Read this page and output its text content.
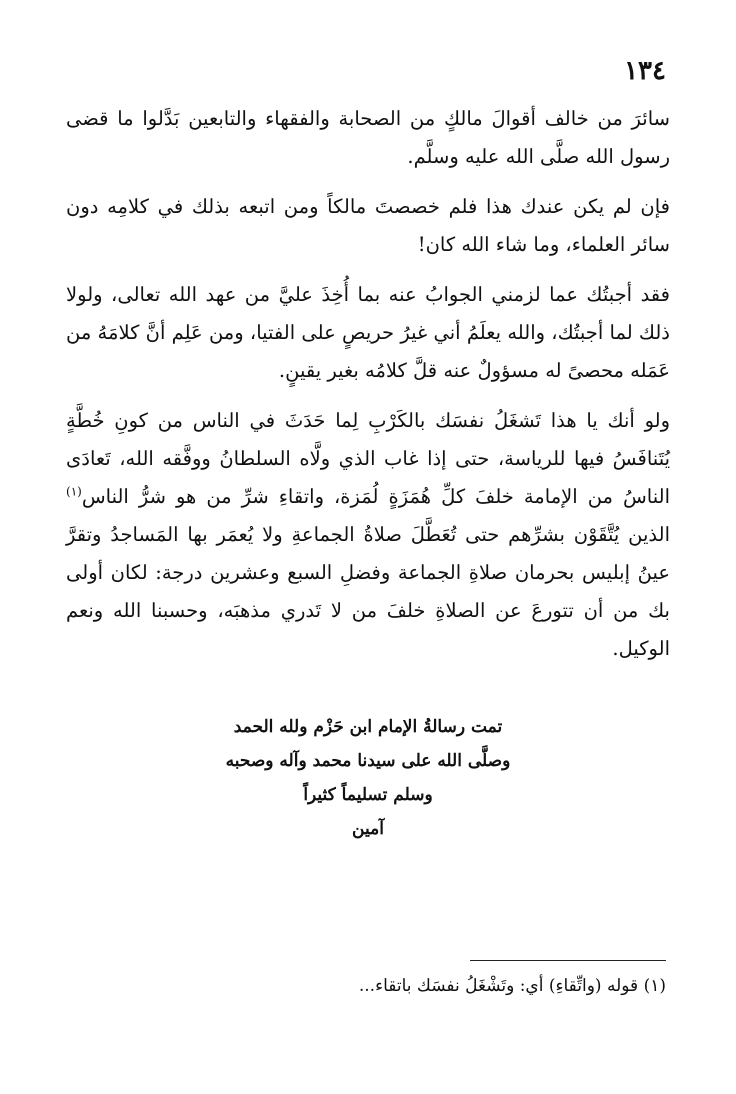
١٣٤

سائرَ من خالف أقوالَ مالكٍ من الصحابة والفقهاء والتابعين بَدَّلوا ما قضى رسول الله صلَّى الله عليه وسلَّم.

فإن لم يكن عندك هذا فلم خصصتَ مالكاً ومن اتبعه بذلك في كلامِه دون سائر العلماء، وما شاء الله كان!

فقد أجبتُك عما لزمني الجوابُ عنه بما أُخِذَ عليَّ من عهد الله تعالى، ولولا ذلك لما أجبتُك، والله يعلَمُ أني غيرُ حريصٍ على الفتيا، ومن عَلِم أنَّ كلامَهُ من عَمَله محصىً له مسؤولٌ عنه قلَّ كلامُه بغير يقينٍ.

ولو أنك يا هذا تَشغَلُ نفسَك بالكَرْبِ لِما حَدَثَ في الناس من كونِ خُطَّةٍ يُتَنافَسُ فيها للرياسة، حتى إذا غاب الذي ولَّاه السلطانُ ووفَّقه الله، تَعادَى الناسُ من الإمامة خلفَ كلِّ هُمَزَةٍ لُمَزة، واتقاءِ شرِّ من هو شرُّ الناس$^{(١)}$ الذين يُتَّقَوْن بشرِّهم حتى تُعَطَّلَ صلاةُ الجماعةِ ولا يُعمَر بها المَساجدُ وتقرَّ عينُ إبليس بحرمان صلاةِ الجماعة وفضلِ السبع وعشرين درجة: لكان أولى بك من أن تتورعَ عن الصلاةِ خلفَ من لا تَدري مذهبَه، وحسبنا الله ونعم الوكيل.

تمت رسالةُ الإمام ابن حَزْم ولله الحمد
وصلَّى الله على سيدنا محمد وآله وصحبه
وسلم تسليماً كثيراً
آمين
(١) قوله (واتِّقاءِ) أي: وتَشْغَلُ نفسَك باتقاء...
